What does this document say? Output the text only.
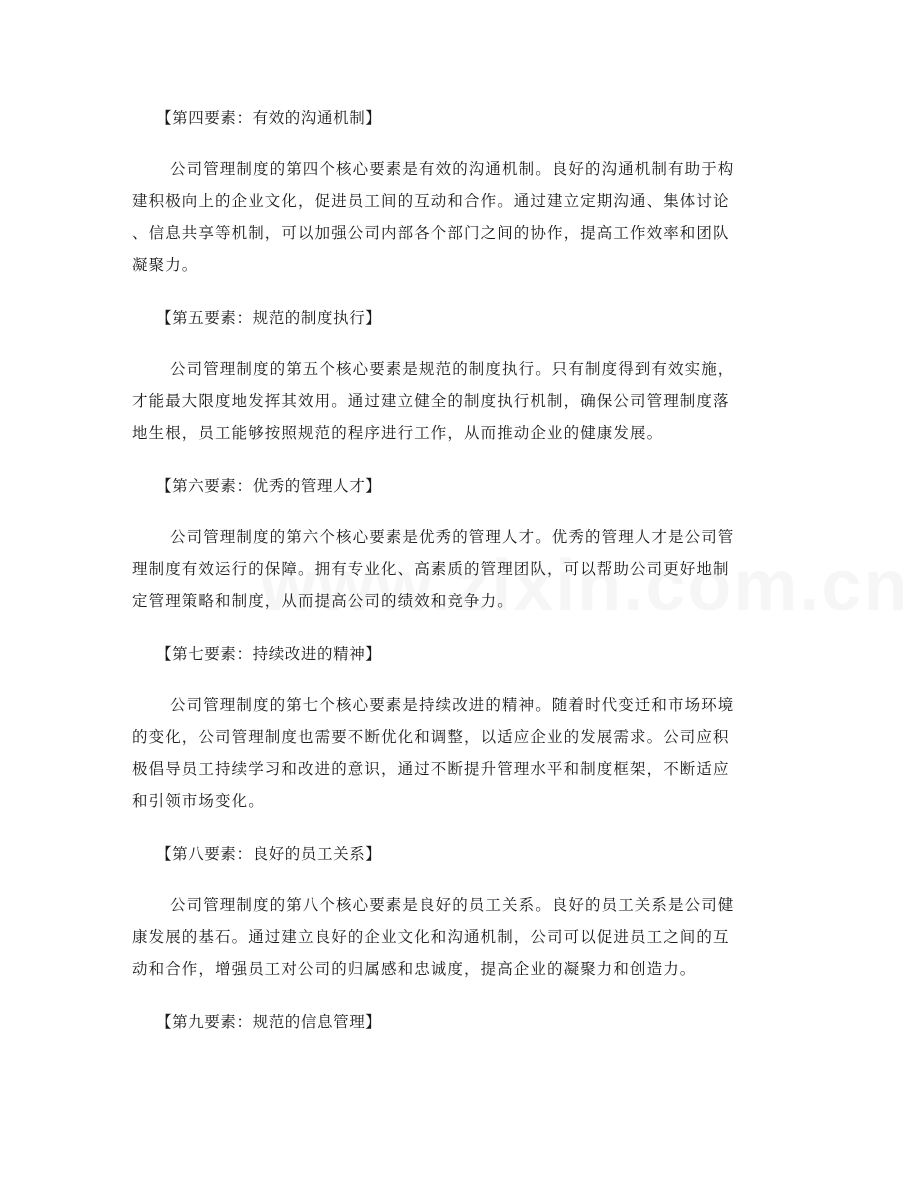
【第四要素：有效的沟通机制】

公司管理制度的第四个核心要素是有效的沟通机制。良好的沟通机制有助于构
建积极向上的企业文化，促进员工间的互动和合作。通过建立定期沟通、集体讨论
、信息共享等机制，可以加强公司内部各个部门之间的协作，提高工作效率和团队
凝聚力。

【第五要素：规范的制度执行】

公司管理制度的第五个核心要素是规范的制度执行。只有制度得到有效实施，
才能最大限度地发挥其效用。通过建立健全的制度执行机制，确保公司管理制度落
地生根，员工能够按照规范的程序进行工作，从而推动企业的健康发展。

【第六要素：优秀的管理人才】

公司管理制度的第六个核心要素是优秀的管理人才。优秀的管理人才是公司管
理制度有效运行的保障。拥有专业化、高素质的管理团队，可以帮助公司更好地制
定管理策略和制度，从而提高公司的绩效和竞争力。

【第七要素：持续改进的精神】

公司管理制度的第七个核心要素是持续改进的精神。随着时代变迁和市场环境
的变化，公司管理制度也需要不断优化和调整，以适应企业的发展需求。公司应积
极倡导员工持续学习和改进的意识，通过不断提升管理水平和制度框架，不断适应
和引领市场变化。

【第八要素：良好的员工关系】

公司管理制度的第八个核心要素是良好的员工关系。良好的员工关系是公司健
康发展的基石。通过建立良好的企业文化和沟通机制，公司可以促进员工之间的互
动和合作，增强员工对公司的归属感和忠诚度，提高企业的凝聚力和创造力。

【第九要素：规范的信息管理】
